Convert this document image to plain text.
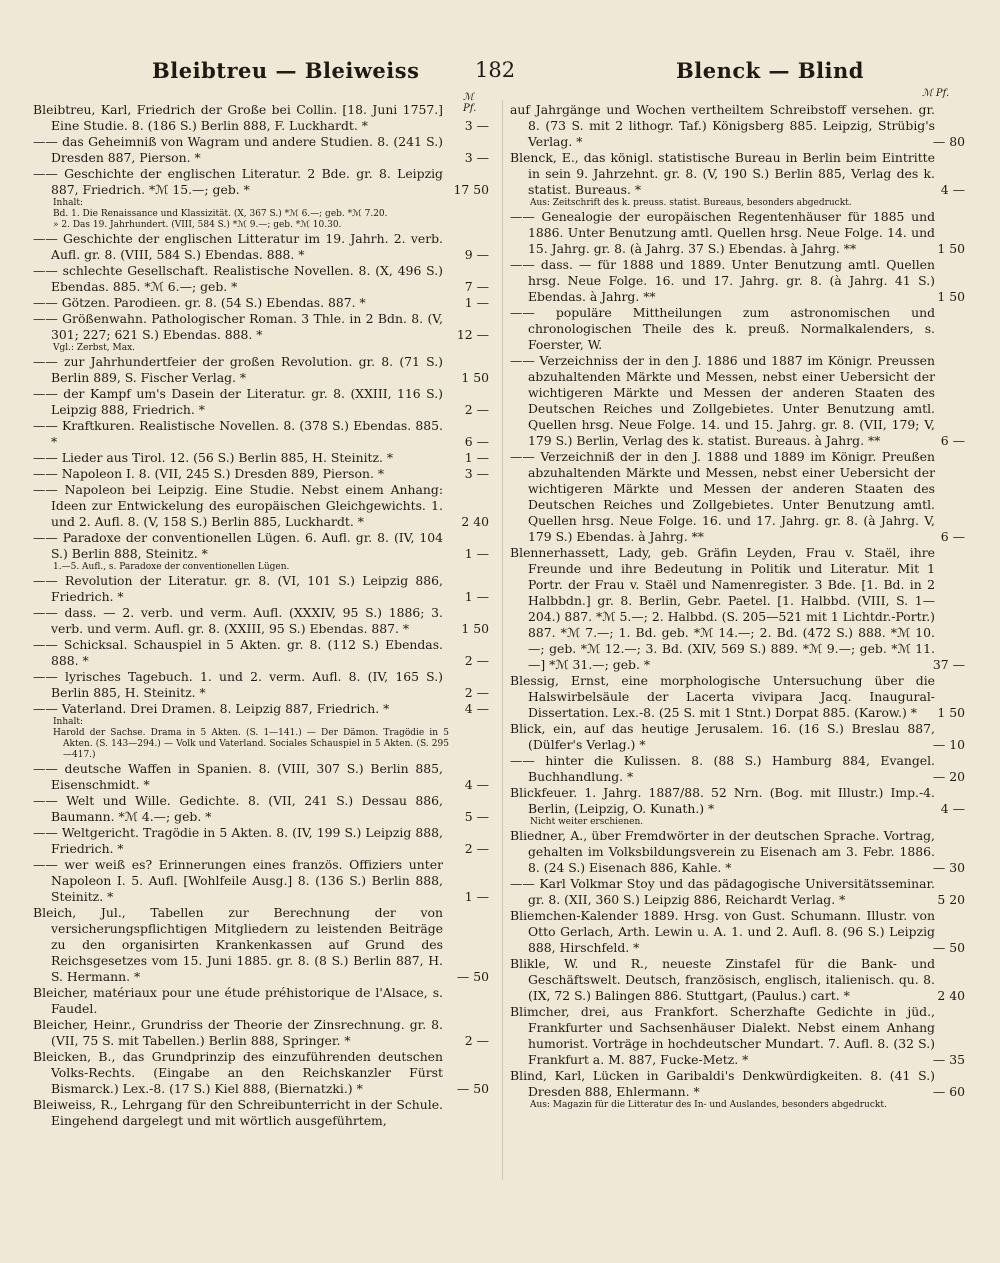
Bleibtreu — Bleiweiss	182	Blenck — Blind
ℳ Pf.

Bleibtreu, Karl, Friedrich der Große bei Collin. [18. Juni 1757.] Eine Studie. 8. (186 S.) Berlin 888, F. Luckhardt. *	3 —

—— das Geheimniß von Wagram und andere Studien. 8. (241 S.) Dresden 887, Pierson. *	3 —

—— Geschichte der englischen Literatur. 2 Bde. gr. 8. Leipzig 887, Friedrich. *ℳ 15.—; geb. *	17 50

Inhalt:

Bd. 1. Die Renaissance und Klassizität. (X, 367 S.) *ℳ 6.—; geb. *ℳ 7.20.

» 2. Das 19. Jahrhundert. (VIII, 584 S.) *ℳ 9.—; geb. *ℳ 10.30.

—— Geschichte der englischen Litteratur im 19. Jahrh. 2. verb. Aufl. gr. 8. (VIII, 584 S.) Ebendas. 888. *	9 —

—— schlechte Gesellschaft. Realistische Novellen. 8. (X, 496 S.) Ebendas. 885. *ℳ 6.—; geb. *	7 —

—— Götzen. Parodieen. gr. 8. (54 S.) Ebendas. 887. *	1 —

—— Größenwahn. Pathologischer Roman. 3 Thle. in 2 Bdn. 8. (V, 301; 227; 621 S.) Ebendas. 888. *	12 —

Vgl.: Zerbst, Max.

—— zur Jahrhundertfeier der großen Revolution. gr. 8. (71 S.) Berlin 889, S. Fischer Verlag. *	1 50

—— der Kampf um's Dasein der Literatur. gr. 8. (XXIII, 116 S.) Leipzig 888, Friedrich. *	2 —

—— Kraftkuren. Realistische Novellen. 8. (378 S.) Ebendas. 885. *	6 —

—— Lieder aus Tirol. 12. (56 S.) Berlin 885, H. Steinitz. *	1 —

—— Napoleon I. 8. (VII, 245 S.) Dresden 889, Pierson. *	3 —

—— Napoleon bei Leipzig. Eine Studie. Nebst einem Anhang: Ideen zur Entwickelung des europäischen Gleichgewichts. 1. und 2. Aufl. 8. (V, 158 S.) Berlin 885, Luckhardt. *	2 40

—— Paradoxe der conventionellen Lügen. 6. Aufl. gr. 8. (IV, 104 S.) Berlin 888, Steinitz. *	1 —

1.—5. Aufl., s. Paradoxe der conventionellen Lügen.

—— Revolution der Literatur. gr. 8. (VI, 101 S.) Leipzig 886, Friedrich. *	1 —

—— dass. — 2. verb. und verm. Aufl. (XXXIV, 95 S.) 1886; 3. verb. und verm. Aufl. gr. 8. (XXIII, 95 S.) Ebendas. 887. *	1 50

—— Schicksal. Schauspiel in 5 Akten. gr. 8. (112 S.) Ebendas. 888. *	2 —

—— lyrisches Tagebuch. 1. und 2. verm. Aufl. 8. (IV, 165 S.) Berlin 885, H. Steinitz. *	2 —

—— Vaterland. Drei Dramen. 8. Leipzig 887, Friedrich. *	4 —

Inhalt:

Harold der Sachse. Drama in 5 Akten. (S. 1—141.) — Der Dämon. Tragödie in 5 Akten. (S. 143—294.) — Volk und Vaterland. Sociales Schauspiel in 5 Akten. (S. 295—417.)

—— deutsche Waffen in Spanien. 8. (VIII, 307 S.) Berlin 885, Eisenschmidt. *	4 —

—— Welt und Wille. Gedichte. 8. (VII, 241 S.) Dessau 886, Baumann. *ℳ 4.—; geb. *	5 —

—— Weltgericht. Tragödie in 5 Akten. 8. (IV, 199 S.) Leipzig 888, Friedrich. *	2 —

—— wer weiß es? Erinnerungen eines französ. Offiziers unter Napoleon I. 5. Aufl. [Wohlfeile Ausg.] 8. (136 S.) Berlin 888, Steinitz. *	1 —

Bleich, Jul., Tabellen zur Berechnung der von versicherungspflichtigen Mitgliedern zu leistenden Beiträge zu den organisirten Krankenkassen auf Grund des Reichsgesetzes vom 15. Juni 1885. gr. 8. (8 S.) Berlin 887, H. S. Hermann. *	— 50

Bleicher, matériaux pour une étude préhistorique de l'Alsace, s. Faudel.

Bleicher, Heinr., Grundriss der Theorie der Zinsrechnung. gr. 8. (VII, 75 S. mit Tabellen.) Berlin 888, Springer. *	2 —

Bleicken, B., das Grundprinzip des einzuführenden deutschen Volks-Rechts. (Eingabe an den Reichskanzler Fürst Bismarck.) Lex.-8. (17 S.) Kiel 888, (Biernatzki.) *	— 50

Bleiweiss, R., Lehrgang für den Schreibunterricht in der Schule. Eingehend dargelegt und mit wörtlich ausgeführtem,

ℳ Pf.

auf Jahrgänge und Wochen vertheiltem Schreibstoff versehen. gr. 8. (73 S. mit 2 lithogr. Taf.) Königsberg 885. Leipzig, Strübig's Verlag. *	— 80

Blenck, E., das königl. statistische Bureau in Berlin beim Eintritte in sein 9. Jahrzehnt. gr. 8. (V, 190 S.) Berlin 885, Verlag des k. statist. Bureaus. *	4 —

Aus: Zeitschrift des k. preuss. statist. Bureaus, besonders abgedruckt.

—— Genealogie der europäischen Regentenhäuser für 1885 und 1886. Unter Benutzung amtl. Quellen hrsg. Neue Folge. 14. und 15. Jahrg. gr. 8. (à Jahrg. 37 S.) Ebendas. à Jahrg. **	1 50

—— dass. — für 1888 und 1889. Unter Benutzung amtl. Quellen hrsg. Neue Folge. 16. und 17. Jahrg. gr. 8. (à Jahrg. 41 S.) Ebendas. à Jahrg. **	1 50

—— populäre Mittheilungen zum astronomischen und chronologischen Theile des k. preuß. Normalkalenders, s. Foerster, W.

—— Verzeichniss der in den J. 1886 und 1887 im Königr. Preussen abzuhaltenden Märkte und Messen, nebst einer Uebersicht der wichtigeren Märkte und Messen der anderen Staaten des Deutschen Reiches und Zollgebietes. Unter Benutzung amtl. Quellen hrsg. Neue Folge. 14. und 15. Jahrg. gr. 8. (VII, 179; V, 179 S.) Berlin, Verlag des k. statist. Bureaus. à Jahrg. **	6 —

—— Verzeichniß der in den J. 1888 und 1889 im Königr. Preußen abzuhaltenden Märkte und Messen, nebst einer Uebersicht der wichtigeren Märkte und Messen der anderen Staaten des Deutschen Reiches und Zollgebietes. Unter Benutzung amtl. Quellen hrsg. Neue Folge. 16. und 17. Jahrg. gr. 8. (à Jahrg. V, 179 S.) Ebendas. à Jahrg. **	6 —

Blennerhassett, Lady, geb. Gräfin Leyden, Frau v. Staël, ihre Freunde und ihre Bedeutung in Politik und Literatur. Mit 1 Portr. der Frau v. Staël und Namenregister. 3 Bde. [1. Bd. in 2 Halbbdn.] gr. 8. Berlin, Gebr. Paetel. [1. Halbbd. (VIII, S. 1—204.) 887. *ℳ 5.—; 2. Halbbd. (S. 205—521 mit 1 Lichtdr.-Portr.) 887. *ℳ 7.—; 1. Bd. geb. *ℳ 14.—; 2. Bd. (472 S.) 888. *ℳ 10.—; geb. *ℳ 12.—; 3. Bd. (XIV, 569 S.) 889. *ℳ 9.—; geb. *ℳ 11.—] *ℳ 31.—; geb. *	37 —

Blessig, Ernst, eine morphologische Untersuchung über die Halswirbelsäule der Lacerta vivipara Jacq. Inaugural-Dissertation. Lex.-8. (25 S. mit 1 Stnt.) Dorpat 885. (Karow.) * 1 50

Blick, ein, auf das heutige Jerusalem. 16. (16 S.) Breslau 887, (Dülfer's Verlag.) *	— 10

—— hinter die Kulissen. 8. (88 S.) Hamburg 884, Evangel. Buchhandlung. *	— 20

Blickfeuer. 1. Jahrg. 1887/88. 52 Nrn. (Bog. mit Illustr.) Imp.-4. Berlin, (Leipzig, O. Kunath.) *	4 —

Nicht weiter erschienen.

Bliedner, A., über Fremdwörter in der deutschen Sprache. Vortrag, gehalten im Volksbildungsverein zu Eisenach am 3. Febr. 1886. 8. (24 S.) Eisenach 886, Kahle. *	— 30

—— Karl Volkmar Stoy und das pädagogische Universitätsseminar. gr. 8. (XII, 360 S.) Leipzig 886, Reichardt Verlag. *	5 20

Bliemchen-Kalender 1889. Hrsg. von Gust. Schumann. Illustr. von Otto Gerlach, Arth. Lewin u. A. 1. und 2. Aufl. 8. (96 S.) Leipzig 888, Hirschfeld. *	— 50

Blikle, W. und R., neueste Zinstafel für die Bank- und Geschäftswelt. Deutsch, französisch, englisch, italienisch. qu. 8. (IX, 72 S.) Balingen 886. Stuttgart, (Paulus.) cart. *	2 40

Blimcher, drei, aus Frankfort. Scherzhafte Gedichte in jüd., Frankfurter und Sachsenhäuser Dialekt. Nebst einem Anhang humorist. Vorträge in hochdeutscher Mundart. 7. Aufl. 8. (32 S.) Frankfurt a. M. 887, Fucke-Metz. *	— 35

Blind, Karl, Lücken in Garibaldi's Denkwürdigkeiten. 8. (41 S.) Dresden 888, Ehlermann. *	— 60

Aus: Magazin für die Litteratur des In- und Auslandes, besonders abgedruckt.
